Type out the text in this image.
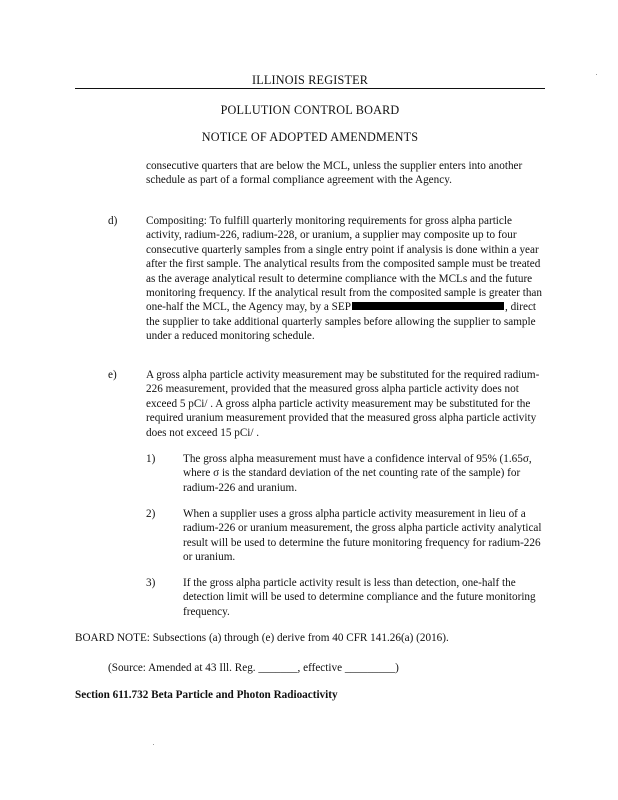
ILLINOIS REGISTER
POLLUTION CONTROL BOARD
NOTICE OF ADOPTED AMENDMENTS
consecutive quarters that are below the MCL, unless the supplier enters into another schedule as part of a formal compliance agreement with the Agency.
d)	Compositing: To fulfill quarterly monitoring requirements for gross alpha particle activity, radium-226, radium-228, or uranium, a supplier may composite up to four consecutive quarterly samples from a single entry point if analysis is done within a year after the first sample. The analytical results from the composited sample must be treated as the average analytical result to determine compliance with the MCLs and the future monitoring frequency. If the analytical result from the composited sample is greater than one-half the MCL, the Agency may, by a SEP	, direct the supplier to take additional quarterly samples before allowing the supplier to sample under a reduced monitoring schedule.
e)	A gross alpha particle activity measurement may be substituted for the required radium-226 measurement, provided that the measured gross alpha particle activity does not exceed 5 pCi/ . A gross alpha particle activity measurement may be substituted for the required uranium measurement provided that the measured gross alpha particle activity does not exceed 15 pCi/ .
1) The gross alpha measurement must have a confidence interval of 95% (1.65σ, where σ is the standard deviation of the net counting rate of the sample) for radium-226 and uranium.
2) When a supplier uses a gross alpha particle activity measurement in lieu of a radium-226 or uranium measurement, the gross alpha particle activity analytical result will be used to determine the future monitoring frequency for radium-226 or uranium.
3) If the gross alpha particle activity result is less than detection, one-half the detection limit will be used to determine compliance and the future monitoring frequency.
BOARD NOTE: Subsections (a) through (e) derive from 40 CFR 141.26(a) (2016).
(Source: Amended at 43 Ill. Reg. _______, effective _________)
Section 611.732 Beta Particle and Photon Radioactivity
